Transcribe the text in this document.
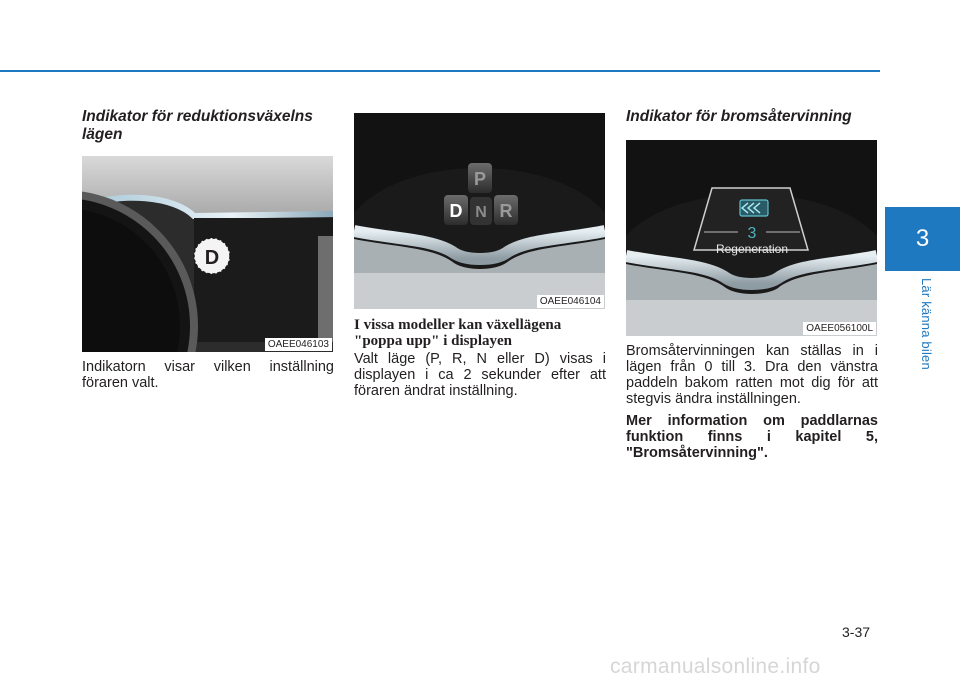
3
Lär känna bilen
Indikator för reduktionsväxelns lägen
D
OAEE046103
Indikatorn visar vilken inställning föraren valt.
P
D N R
OAEE046104
I vissa modeller kan växellägena "poppa upp" i displayen
Valt läge (P, R, N eller D) visas i displayen i ca 2 sekunder efter att föraren ändrat inställning.
Indikator för bromsåtervinning
3
Regeneration
OAEE056100L
Bromsåtervinningen kan ställas in i lägen från 0 till 3. Dra den vänstra paddeln bakom ratten mot dig för att stegvis ändra inställningen.
Mer information om paddlarnas funktion finns i kapitel 5, "Bromsåtervinning".
3-37
carmanualsonline.info
